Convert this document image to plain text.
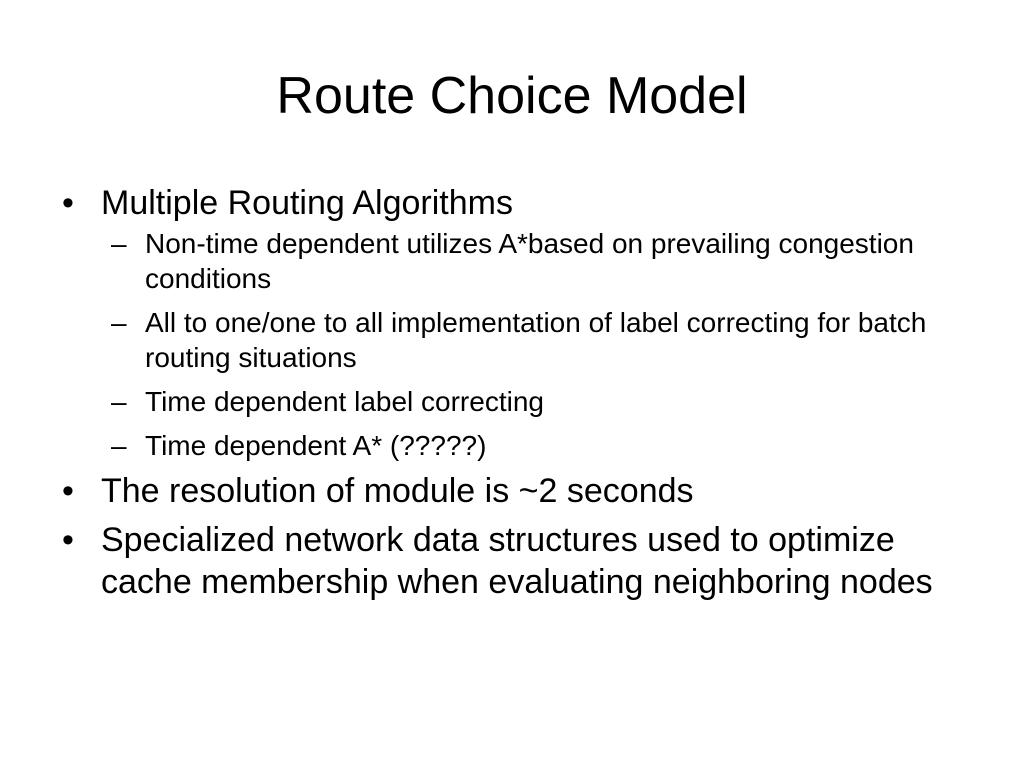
Route Choice Model
• Multiple Routing Algorithms
– Non-time dependent utilizes A*based on prevailing congestion conditions
– All to one/one to all implementation of label correcting for batch routing situations
– Time dependent label correcting
– Time dependent A* (?????)
• The resolution of module is ~2 seconds
• Specialized network data structures used to optimize cache membership when evaluating neighboring nodes
